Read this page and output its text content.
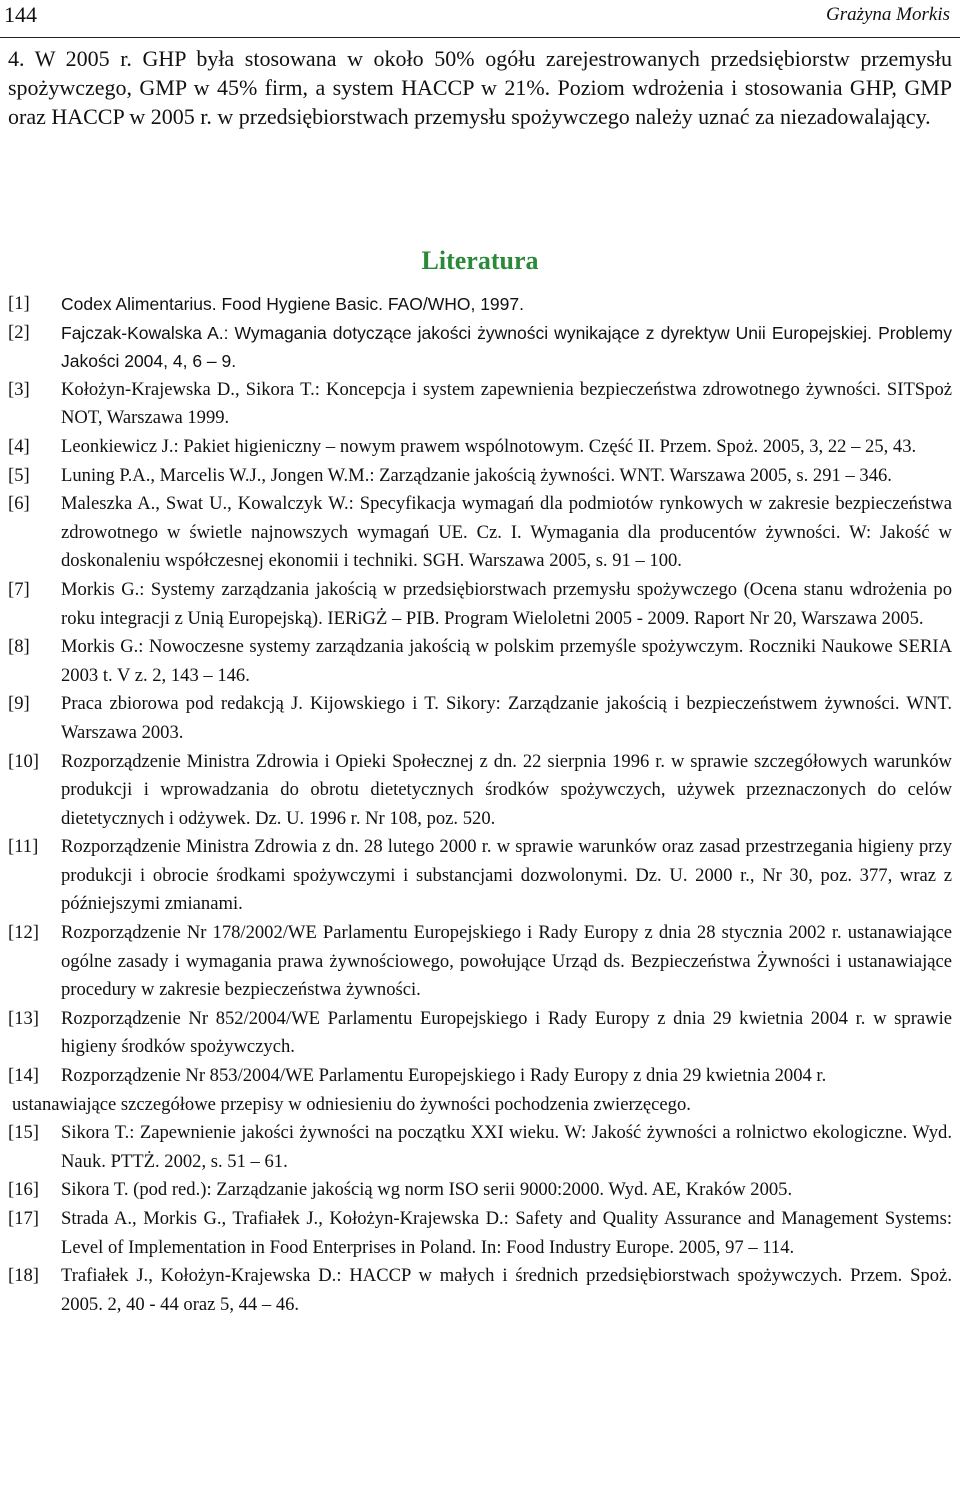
144	Grażyna Morkis
4. W 2005 r. GHP była stosowana w około 50% ogółu zarejestrowanych przedsiębiorstw przemysłu spożywczego, GMP w 45% firm, a system HACCP w 21%. Poziom wdrożenia i stosowania GHP, GMP oraz HACCP w 2005 r. w przedsiębiorstwach przemysłu spożywczego należy uznać za niezadowalający.
Literatura
[1]	Codex Alimentarius. Food Hygiene Basic. FAO/WHO, 1997.
[2]	Fajczak-Kowalska A.: Wymagania dotyczące jakości żywności wynikające z dyrektyw Unii Europejskiej. Problemy Jakości 2004, 4, 6 – 9.
[3]	Kołożyn-Krajewska D., Sikora T.: Koncepcja i system zapewnienia bezpieczeństwa zdrowotnego żywności. SITSpoż NOT, Warszawa 1999.
[4]	Leonkiewicz J.: Pakiet higieniczny – nowym prawem wspólnotowym. Część II. Przem. Spoż. 2005, 3, 22 – 25, 43.
[5]	Luning P.A., Marcelis W.J., Jongen W.M.: Zarządzanie jakością żywności. WNT. Warszawa 2005, s. 291 – 346.
[6]	Maleszka A., Swat U., Kowalczyk W.: Specyfikacja wymagań dla podmiotów rynkowych w zakresie bezpieczeństwa zdrowotnego w świetle najnowszych wymagań UE. Cz. I. Wymagania dla producentów żywności. W: Jakość w doskonaleniu współczesnej ekonomii i techniki. SGH. Warszawa 2005, s. 91 – 100.
[7]	Morkis G.: Systemy zarządzania jakością w przedsiębiorstwach przemysłu spożywczego (Ocena stanu wdrożenia po roku integracji z Unią Europejską). IERiGŻ – PIB. Program Wieloletni 2005 - 2009. Raport Nr 20, Warszawa 2005.
[8]	Morkis G.: Nowoczesne systemy zarządzania jakością w polskim przemyśle spożywczym. Roczniki Naukowe SERIA 2003 t. V z. 2, 143 – 146.
[9]	Praca zbiorowa pod redakcją J. Kijowskiego i T. Sikory: Zarządzanie jakością i bezpieczeństwem żywności. WNT. Warszawa 2003.
[10]	Rozporządzenie Ministra Zdrowia i Opieki Społecznej z dn. 22 sierpnia 1996 r. w sprawie szczegółowych warunków produkcji i wprowadzania do obrotu dietetycznych środków spożywczych, używek przeznaczonych do celów dietetycznych i odżywek. Dz. U. 1996 r. Nr 108, poz. 520.
[11]	Rozporządzenie Ministra Zdrowia z dn. 28 lutego 2000 r. w sprawie warunków oraz zasad przestrzegania higieny przy produkcji i obrocie środkami spożywczymi i substancjami dozwolonymi. Dz. U. 2000 r., Nr 30, poz. 377, wraz z późniejszymi zmianami.
[12]	Rozporządzenie Nr 178/2002/WE Parlamentu Europejskiego i Rady Europy z dnia 28 stycznia 2002 r. ustanawiające ogólne zasady i wymagania prawa żywnościowego, powołujące Urząd ds. Bezpieczeństwa Żywności i ustanawiające procedury w zakresie bezpieczeństwa żywności.
[13]	Rozporządzenie Nr 852/2004/WE Parlamentu Europejskiego i Rady Europy z dnia 29 kwietnia 2004 r. w sprawie higieny środków spożywczych.
[14]	Rozporządzenie Nr 853/2004/WE Parlamentu Europejskiego i Rady Europy z dnia 29 kwietnia 2004 r.
ustanawiające szczegółowe przepisy w odniesieniu do żywności pochodzenia zwierzęcego.
[15]	Sikora T.: Zapewnienie jakości żywności na początku XXI wieku. W: Jakość żywności a rolnictwo ekologiczne. Wyd. Nauk. PTTŻ. 2002, s. 51 – 61.
[16]	Sikora T. (pod red.): Zarządzanie jakością wg norm ISO serii 9000:2000. Wyd. AE, Kraków 2005.
[17]	Strada A., Morkis G., Trafiałek J., Kołożyn-Krajewska D.: Safety and Quality Assurance and Management Systems: Level of Implementation in Food Enterprises in Poland. In: Food Industry Europe. 2005, 97 – 114.
[18]	Trafiałek J., Kołożyn-Krajewska D.: HACCP w małych i średnich przedsiębiorstwach spożywczych. Przem. Spoż. 2005. 2, 40 - 44 oraz 5, 44 – 46.
